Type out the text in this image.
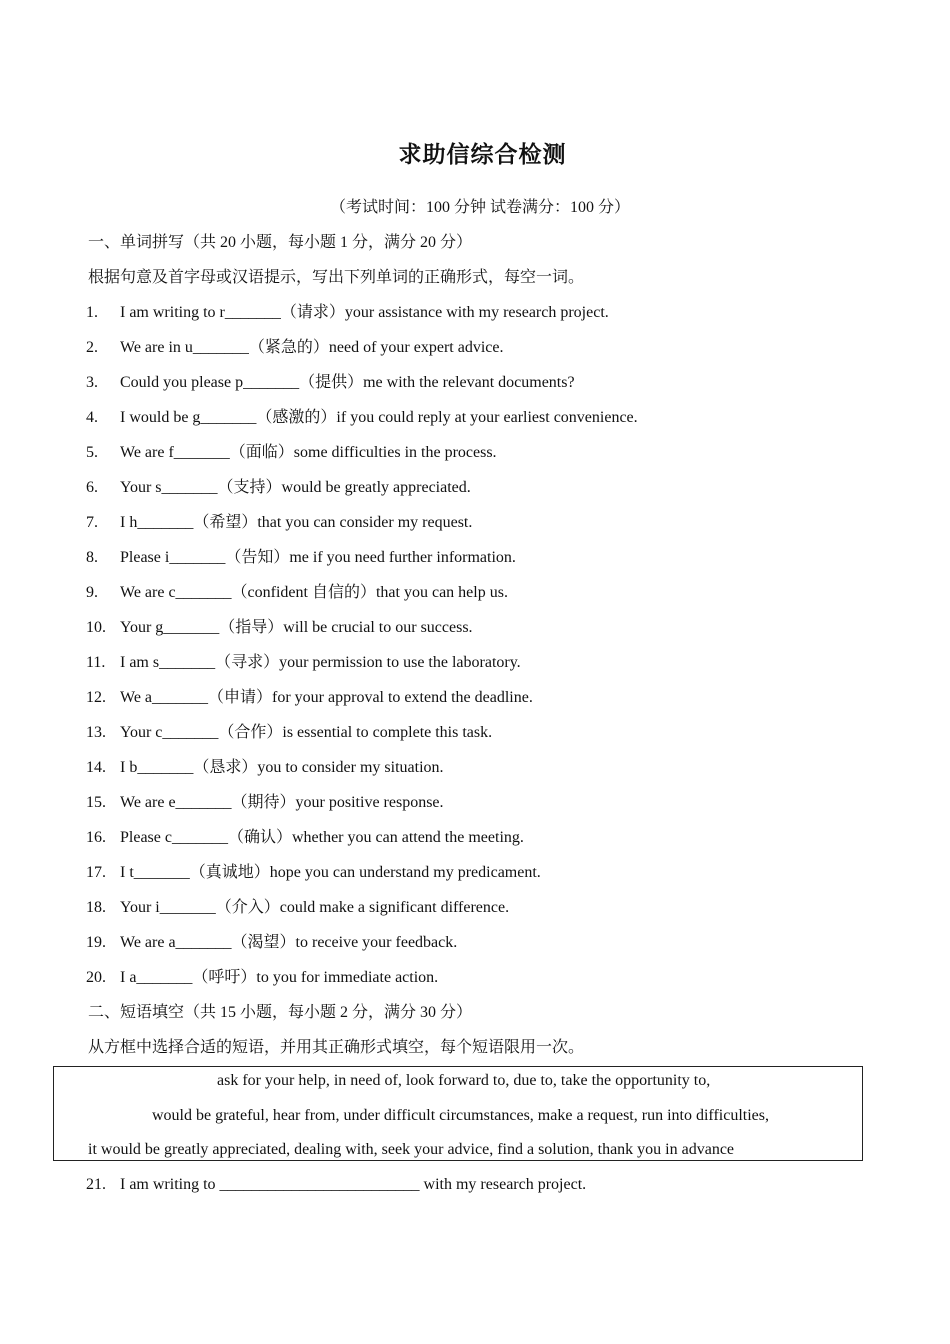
求助信综合检测
（考试时间：100 分钟 试卷满分：100 分）
一、单词拼写（共 20 小题，每小题 1 分，满分 20 分）
根据句意及首字母或汉语提示，写出下列单词的正确形式，每空一词。
1. I am writing to r_______（请求）your assistance with my research project.
2. We are in u_______（紧急的）need of your expert advice.
3. Could you please p_______（提供）me with the relevant documents?
4. I would be g_______（感激的）if you could reply at your earliest convenience.
5. We are f_______（面临）some difficulties in the process.
6. Your s_______（支持）would be greatly appreciated.
7. I h_______（希望）that you can consider my request.
8. Please i_______（告知）me if you need further information.
9. We are c_______（confident 自信的）that you can help us.
10. Your g_______（指导）will be crucial to our success.
11. I am s_______（寻求）your permission to use the laboratory.
12. We a_______（申请）for your approval to extend the deadline.
13. Your c_______（合作）is essential to complete this task.
14. I b_______（恳求）you to consider my situation.
15. We are e_______（期待）your positive response.
16. Please c_______（确认）whether you can attend the meeting.
17. I t_______（真诚地）hope you can understand my predicament.
18. Your i_______（介入）could make a significant difference.
19. We are a_______（渴望）to receive your feedback.
20. I a_______（呼吁）to you for immediate action.
二、短语填空（共 15 小题，每小题 2 分，满分 30 分）
从方框中选择合适的短语，并用其正确形式填空，每个短语限用一次。
ask for your help, in need of, look forward to, due to, take the opportunity to,
would be grateful, hear from, under difficult circumstances, make a request, run into difficulties,
it would be greatly appreciated, dealing with, seek your advice, find a solution, thank you in advance
21. I am writing to _________________________ with my research project.
